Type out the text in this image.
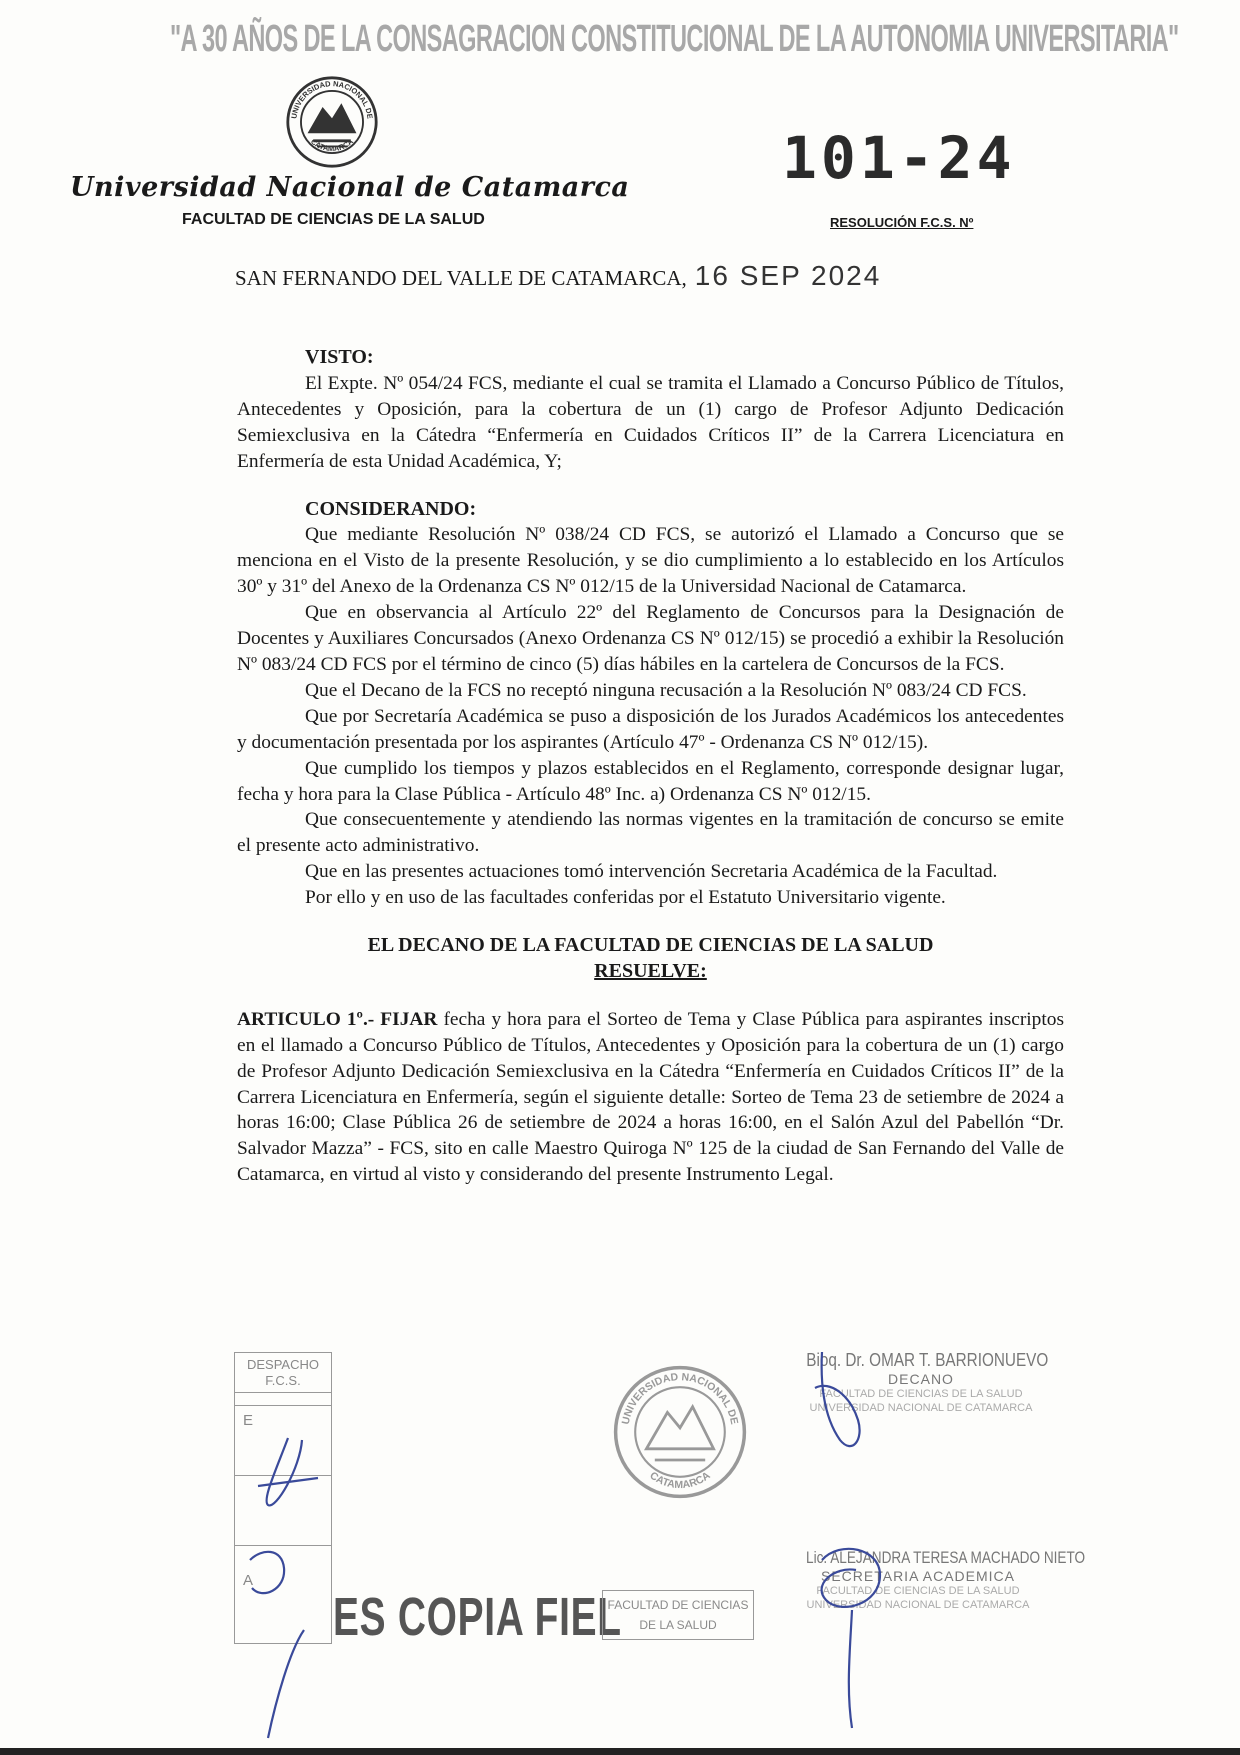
"A 30 AÑOS DE LA CONSAGRACION CONSTITUCIONAL DE LA AUTONOMIA UNIVERSITARIA"
UNIVERSIDAD NACIONAL DE
CATAMARCA
Universidad Nacional de Catamarca
FACULTAD DE CIENCIAS DE LA SALUD
101-24
RESOLUCIÓN F.C.S. Nº
SAN FERNANDO DEL VALLE DE CATAMARCA, 16 SEP 2024

VISTO:

El Expte. Nº 054/24 FCS, mediante el cual se tramita el Llamado a Concurso Público de Títulos, Antecedentes y Oposición, para la cobertura de un (1) cargo de Profesor Adjunto Dedicación Semiexclusiva en la Cátedra “Enfermería en Cuidados Críticos II” de la Carrera Licenciatura en Enfermería de esta Unidad Académica, Y;

CONSIDERANDO:

Que mediante Resolución Nº 038/24 CD FCS, se autorizó el Llamado a Concurso que se menciona en el Visto de la presente Resolución, y se dio cumplimiento a lo establecido en los Artículos 30º y 31º del Anexo de la Ordenanza CS Nº 012/15 de la Universidad Nacional de Catamarca.

Que en observancia al Artículo 22º del Reglamento de Concursos para la Designación de Docentes y Auxiliares Concursados (Anexo Ordenanza CS Nº 012/15) se procedió a exhibir la Resolución Nº 083/24 CD FCS por el término de cinco (5) días hábiles en la cartelera de Concursos de la FCS.

Que el Decano de la FCS no receptó ninguna recusación a la Resolución Nº 083/24 CD FCS.

Que por Secretaría Académica se puso a disposición de los Jurados Académicos los antecedentes y documentación presentada por los aspirantes (Artículo 47º - Ordenanza CS Nº 012/15).

Que cumplido los tiempos y plazos establecidos en el Reglamento, corresponde designar lugar, fecha y hora para la Clase Pública - Artículo 48º Inc. a) Ordenanza CS Nº 012/15.

Que consecuentemente y atendiendo las normas vigentes en la tramitación de concurso se emite el presente acto administrativo.

Que en las presentes actuaciones tomó intervención Secretaria Académica de la Facultad.

Por ello y en uso de las facultades conferidas por el Estatuto Universitario vigente.

EL DECANO DE LA FACULTAD DE CIENCIAS DE LA SALUD

RESUELVE:

ARTICULO 1º.- FIJAR fecha y hora para el Sorteo de Tema y Clase Pública para aspirantes inscriptos en el llamado a Concurso Público de Títulos, Antecedentes y Oposición para la cobertura de un (1) cargo de Profesor Adjunto Dedicación Semiexclusiva en la Cátedra “Enfermería en Cuidados Críticos II” de la Carrera Licenciatura en Enfermería, según el siguiente detalle: Sorteo de Tema 23 de setiembre de 2024 a horas 16:00; Clase Pública 26 de setiembre de 2024 a horas 16:00, en el Salón Azul del Pabellón “Dr. Salvador Mazza” - FCS, sito en calle Maestro Quiroga Nº 125 de la ciudad de San Fernando del Valle de Catamarca, en virtud al visto y considerando del presente Instrumento Legal.

DESPACHO
F.C.S.
E
A
ES COPIA FIEL
UNIVERSIDAD NACIONAL DE
CATAMARCA
FACULTAD DE CIENCIAS
DE LA SALUD
Bioq. Dr. OMAR T. BARRIONUEVO
DECANO
FACULTAD DE CIENCIAS DE LA SALUD
UNIVERSIDAD NACIONAL DE CATAMARCA
Lic. ALEJANDRA TERESA MACHADO NIETO
SECRETARIA ACADEMICA
FACULTAD DE CIENCIAS DE LA SALUD
UNIVERSIDAD NACIONAL DE CATAMARCA
